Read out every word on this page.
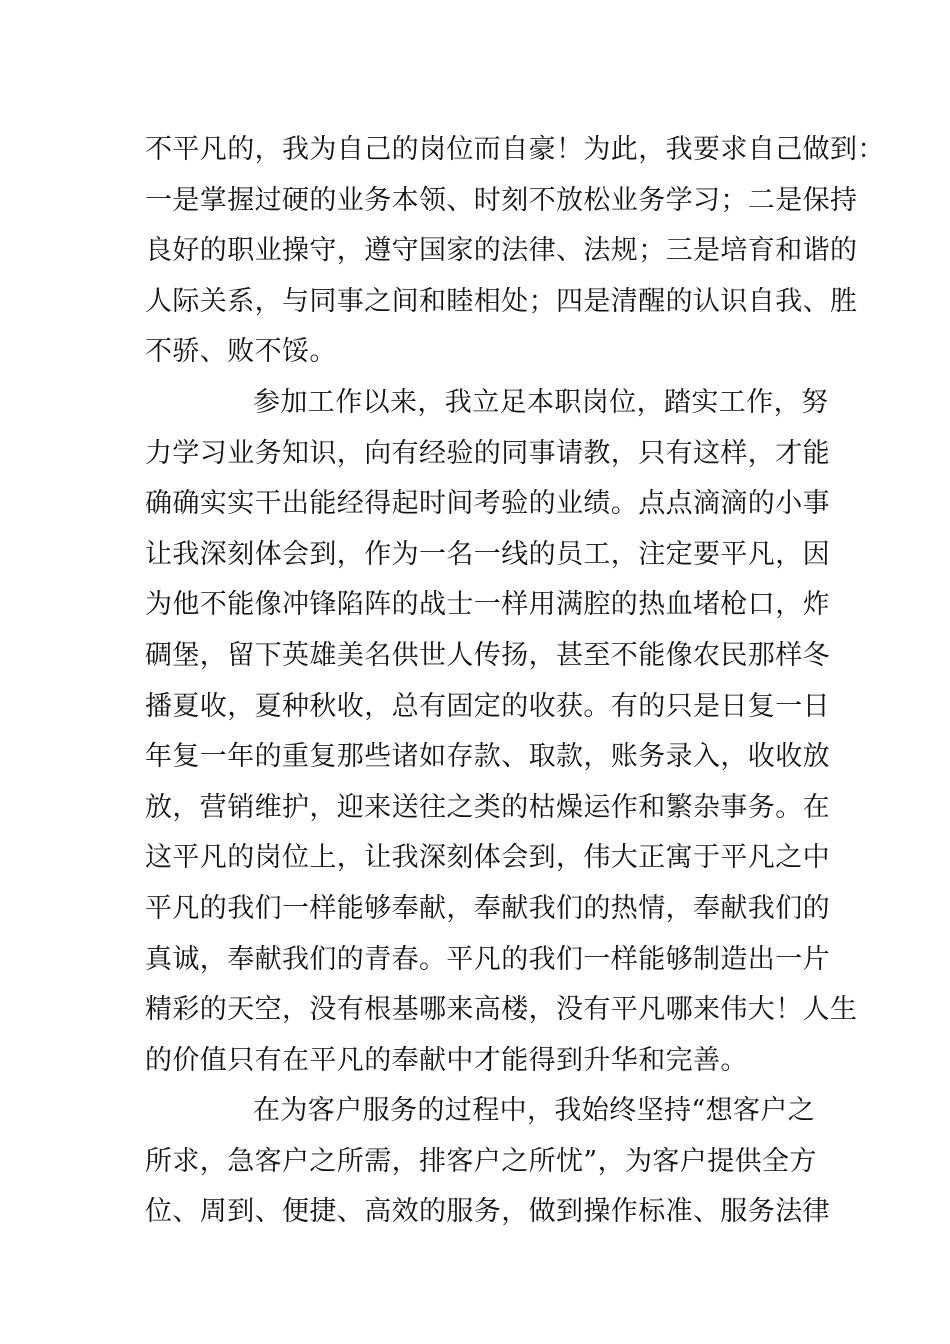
不平凡的，我为自己的岗位而自豪！为此，我要求自己做到：
一是掌握过硬的业务本领、时刻不放松业务学习；二是保持
良好的职业操守，遵守国家的法律、法规；三是培育和谐的
人际关系，与同事之间和睦相处；四是清醒的认识自我、胜
不骄、败不馁。
参加工作以来，我立足本职岗位，踏实工作，努
力学习业务知识，向有经验的同事请教，只有这样，才能
确确实实干出能经得起时间考验的业绩。点点滴滴的小事
让我深刻体会到，作为一名一线的员工，注定要平凡，因
为他不能像冲锋陷阵的战士一样用满腔的热血堵枪口，炸
碉堡，留下英雄美名供世人传扬，甚至不能像农民那样冬
播夏收，夏种秋收，总有固定的收获。有的只是日复一日
年复一年的重复那些诸如存款、取款，账务录入，收收放
放，营销维护，迎来送往之类的枯燥运作和繁杂事务。在
这平凡的岗位上，让我深刻体会到，伟大正寓于平凡之中
平凡的我们一样能够奉献，奉献我们的热情，奉献我们的
真诚，奉献我们的青春。平凡的我们一样能够制造出一片
精彩的天空，没有根基哪来高楼，没有平凡哪来伟大！人生
的价值只有在平凡的奉献中才能得到升华和完善。
在为客户服务的过程中，我始终坚持“想客户之
所求，急客户之所需，排客户之所忧”，为客户提供全方
位、周到、便捷、高效的服务，做到操作标准、服务法律
